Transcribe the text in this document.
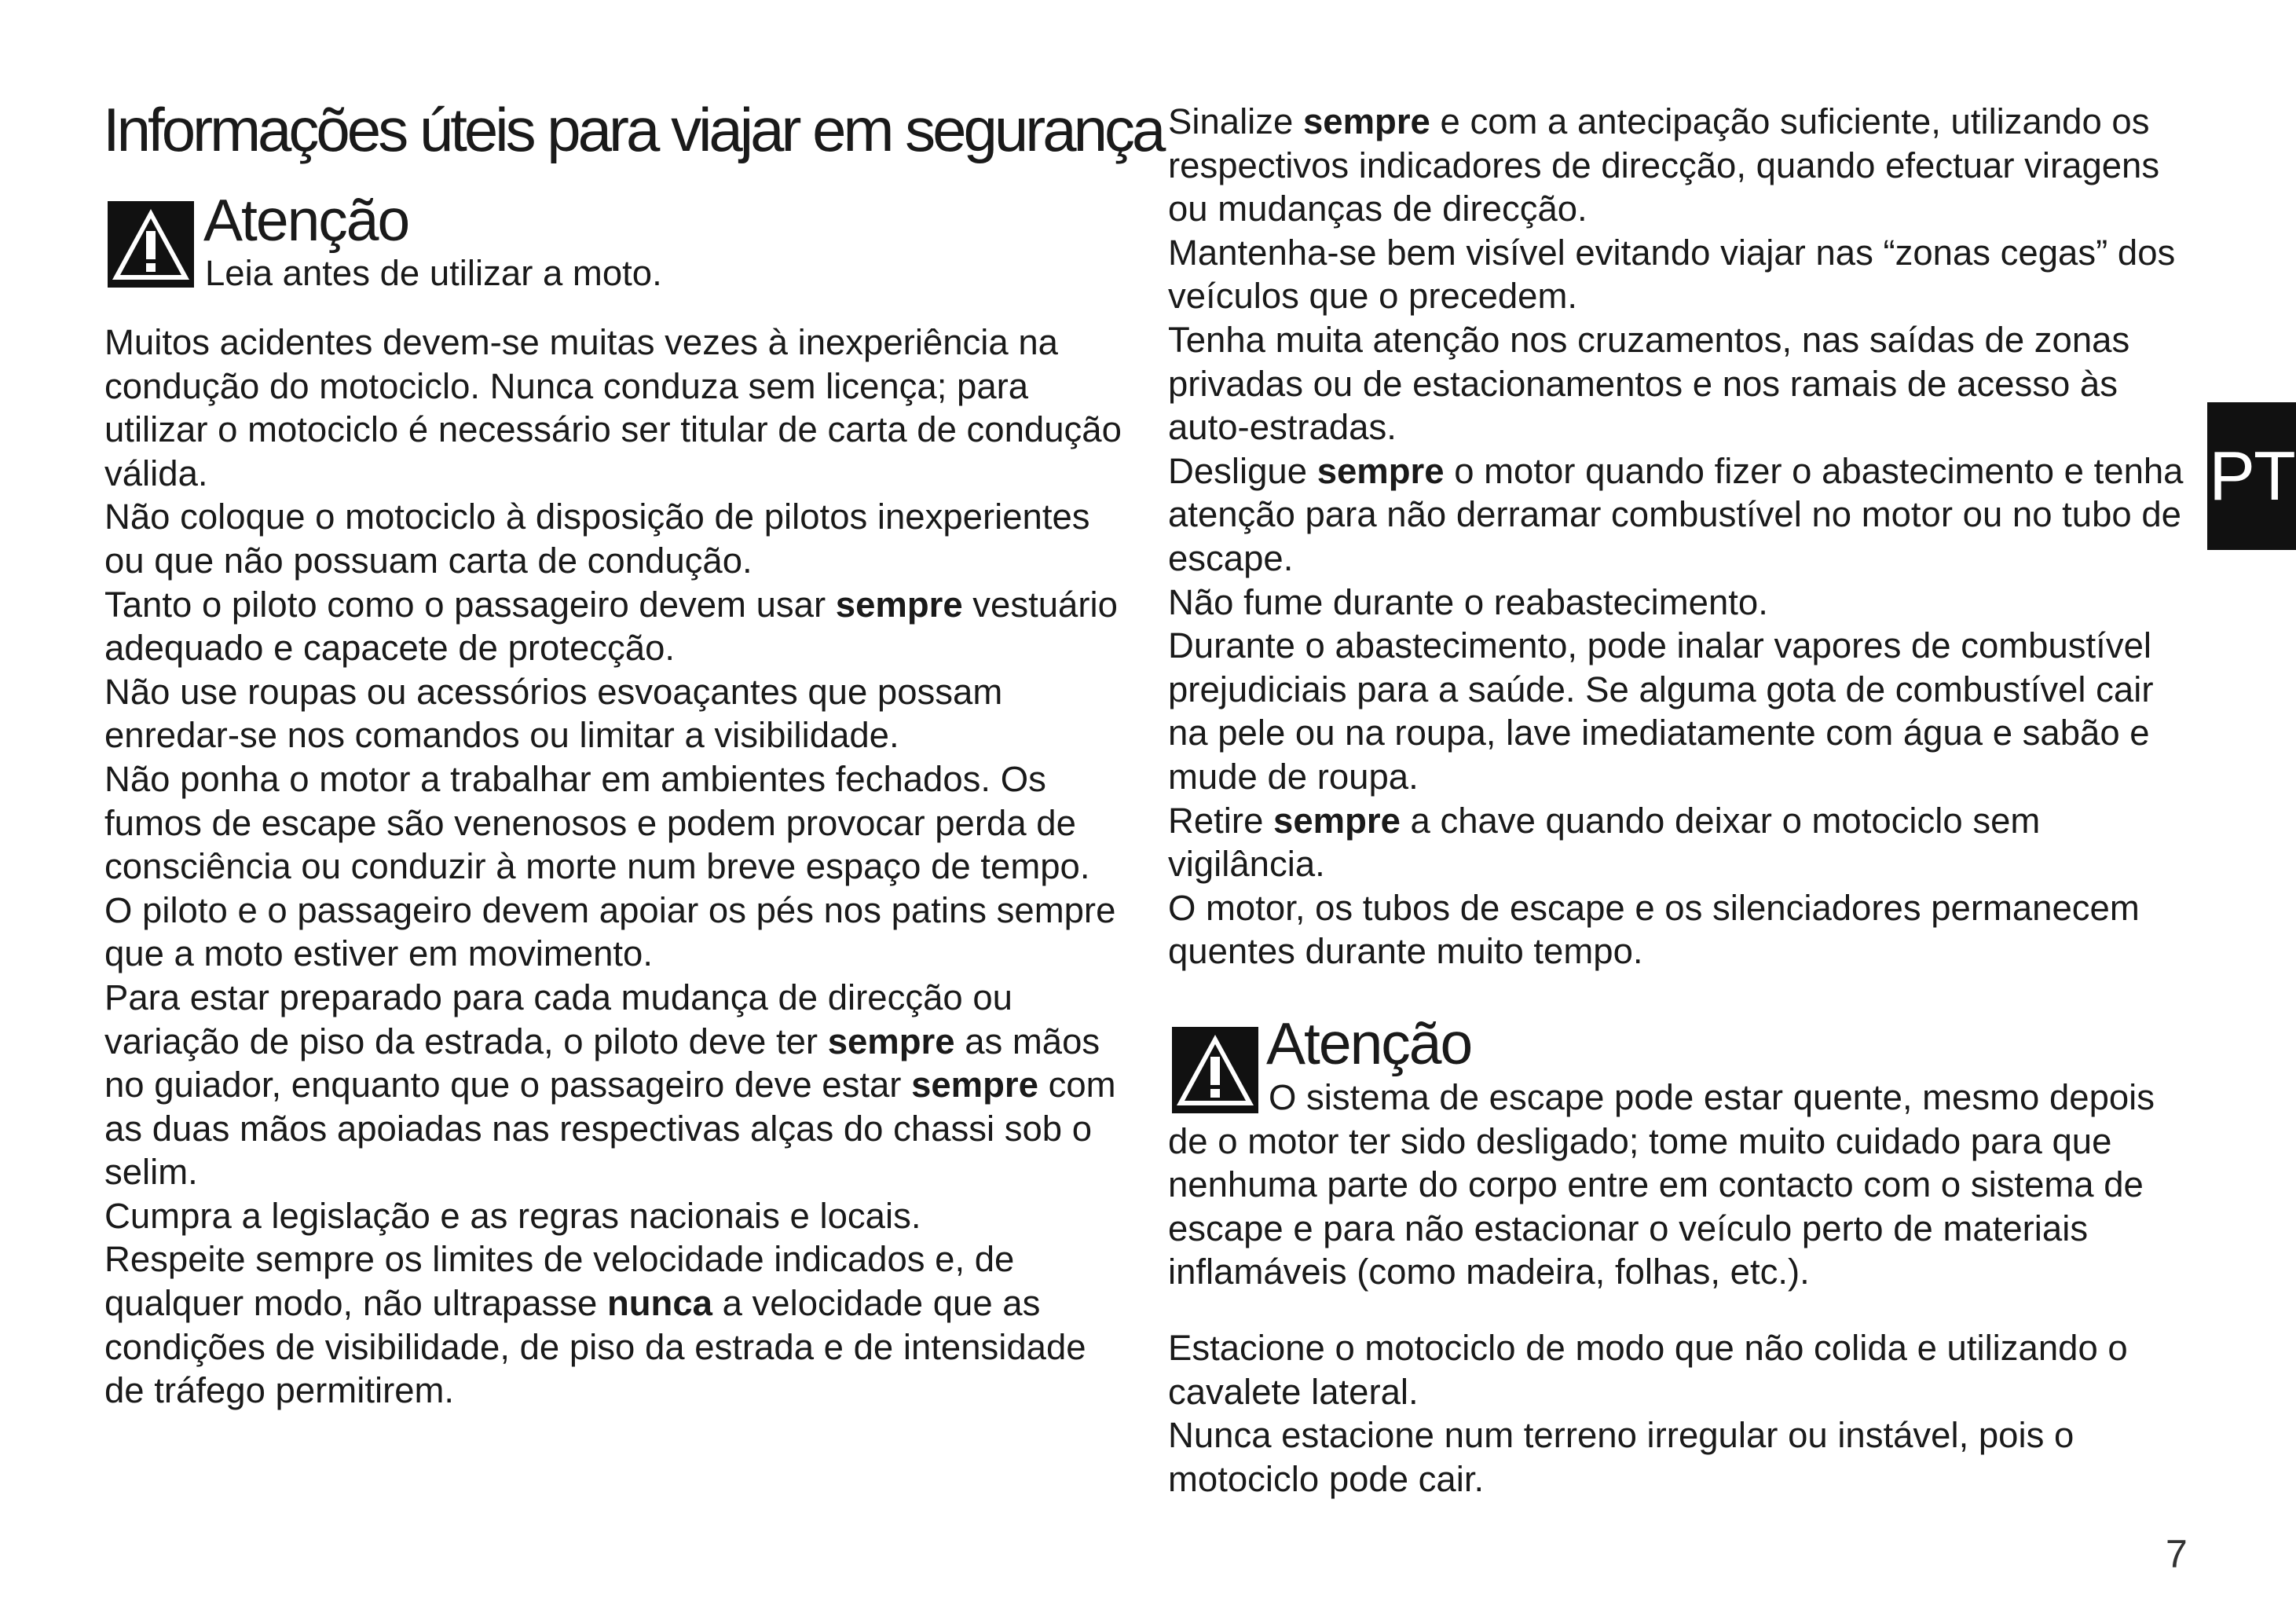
Informações úteis para viajar em segurança
Atenção
Leia antes de utilizar a moto.

Muitos acidentes devem-se muitas vezes à inexperiência na condução do motociclo. Nunca conduza sem licença; para utilizar o motociclo é necessário ser titular de carta de condução válida.

Não coloque o motociclo à disposição de pilotos inexperientes ou que não possuam carta de condução.

Tanto o piloto como o passageiro devem usar sempre vestuário adequado e capacete de protecção.

Não use roupas ou acessórios esvoaçantes que possam enredar-se nos comandos ou limitar a visibilidade.

Não ponha o motor a trabalhar em ambientes fechados. Os fumos de escape são venenosos e podem provocar perda de consciência ou conduzir à morte num breve espaço de tempo.

O piloto e o passageiro devem apoiar os pés nos patins sempre que a moto estiver em movimento.

Para estar preparado para cada mudança de direcção ou variação de piso da estrada, o piloto deve ter sempre as mãos no guiador, enquanto que o passageiro deve estar sempre com as duas mãos apoiadas nas respectivas alças do chassi sob o selim.

Cumpra a legislação e as regras nacionais e locais.

Respeite sempre os limites de velocidade indicados e, de qualquer modo, não ultrapasse nunca a velocidade que as condições de visibilidade, de piso da estrada e de intensidade de tráfego permitirem.

Sinalize sempre e com a antecipação suficiente, utilizando os respectivos indicadores de direcção, quando efectuar viragens ou mudanças de direcção.

Mantenha-se bem visível evitando viajar nas “zonas cegas” dos veículos que o precedem.

Tenha muita atenção nos cruzamentos, nas saídas de zonas privadas ou de estacionamentos e nos ramais de acesso às auto-estradas.

Desligue sempre o motor quando fizer o abastecimento e tenha atenção para não derramar combustível no motor ou no tubo de escape.

Não fume durante o reabastecimento.

Durante o abastecimento, pode inalar vapores de combustível prejudiciais para a saúde. Se alguma gota de combustível cair na pele ou na roupa, lave imediatamente com água e sabão e mude de roupa.

Retire sempre a chave quando deixar o motociclo sem vigilância.

O motor, os tubos de escape e os silenciadores permanecem quentes durante muito tempo.

Atenção

O sistema de escape pode estar quente, mesmo depois de o motor ter sido desligado; tome muito cuidado para que nenhuma parte do corpo entre em contacto com o sistema de escape e para não estacionar o veículo perto de materiais inflamáveis (como madeira, folhas, etc.).

Estacione o motociclo de modo que não colida e utilizando o cavalete lateral.

Nunca estacione num terreno irregular ou instável, pois o motociclo pode cair.

PT
7
